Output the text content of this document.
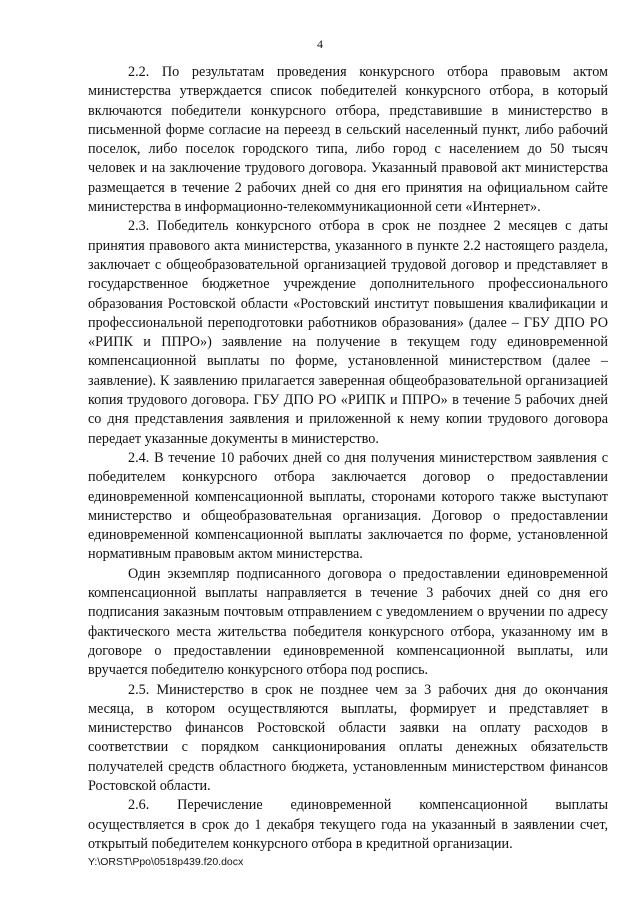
4

2.2. По результатам проведения конкурсного отбора правовым актом министерства утверждается список победителей конкурсного отбора, в который включаются победители конкурсного отбора, представившие в министерство в письменной форме согласие на переезд в сельский населенный пункт, либо рабочий поселок, либо поселок городского типа, либо город с населением до 50 тысяч человек и на заключение трудового договора. Указанный правовой акт министерства размещается в течение 2 рабочих дней со дня его принятия на официальном сайте министерства в информационно-телекоммуникационной сети «Интернет».

2.3. Победитель конкурсного отбора в срок не позднее 2 месяцев с даты принятия правового акта министерства, указанного в пункте 2.2 настоящего раздела, заключает с общеобразовательной организацией трудовой договор и представляет в государственное бюджетное учреждение дополнительного профессионального образования Ростовской области «Ростовский институт повышения квалификации и профессиональной переподготовки работников образования» (далее – ГБУ ДПО РО «РИПК и ППРО») заявление на получение в текущем году единовременной компенсационной выплаты по форме, установленной министерством (далее – заявление). К заявлению прилагается заверенная общеобразовательной организацией копия трудового договора. ГБУ ДПО РО «РИПК и ППРО» в течение 5 рабочих дней со дня представления заявления и приложенной к нему копии трудового договора передает указанные документы в министерство.

2.4. В течение 10 рабочих дней со дня получения министерством заявления с победителем конкурсного отбора заключается договор о предоставлении единовременной компенсационной выплаты, сторонами которого также выступают министерство и общеобразовательная организация. Договор о предоставлении единовременной компенсационной выплаты заключается по форме, установленной нормативным правовым актом министерства.

Один экземпляр подписанного договора о предоставлении единовременной компенсационной выплаты направляется в течение 3 рабочих дней со дня его подписания заказным почтовым отправлением с уведомлением о вручении по адресу фактического места жительства победителя конкурсного отбора, указанному им в договоре о предоставлении единовременной компенсационной выплаты, или вручается победителю конкурсного отбора под роспись.

2.5. Министерство в срок не позднее чем за 3 рабочих дня до окончания месяца, в котором осуществляются выплаты, формирует и представляет в министерство финансов Ростовской области заявки на оплату расходов в соответствии с порядком санкционирования оплаты денежных обязательств получателей средств областного бюджета, установленным министерством финансов Ростовской области.

2.6. Перечисление единовременной компенсационной выплаты осуществляется в срок до 1 декабря текущего года на указанный в заявлении счет, открытый победителем конкурсного отбора в кредитной организации.

Y:\ORST\Ppo\0518p439.f20.docx
